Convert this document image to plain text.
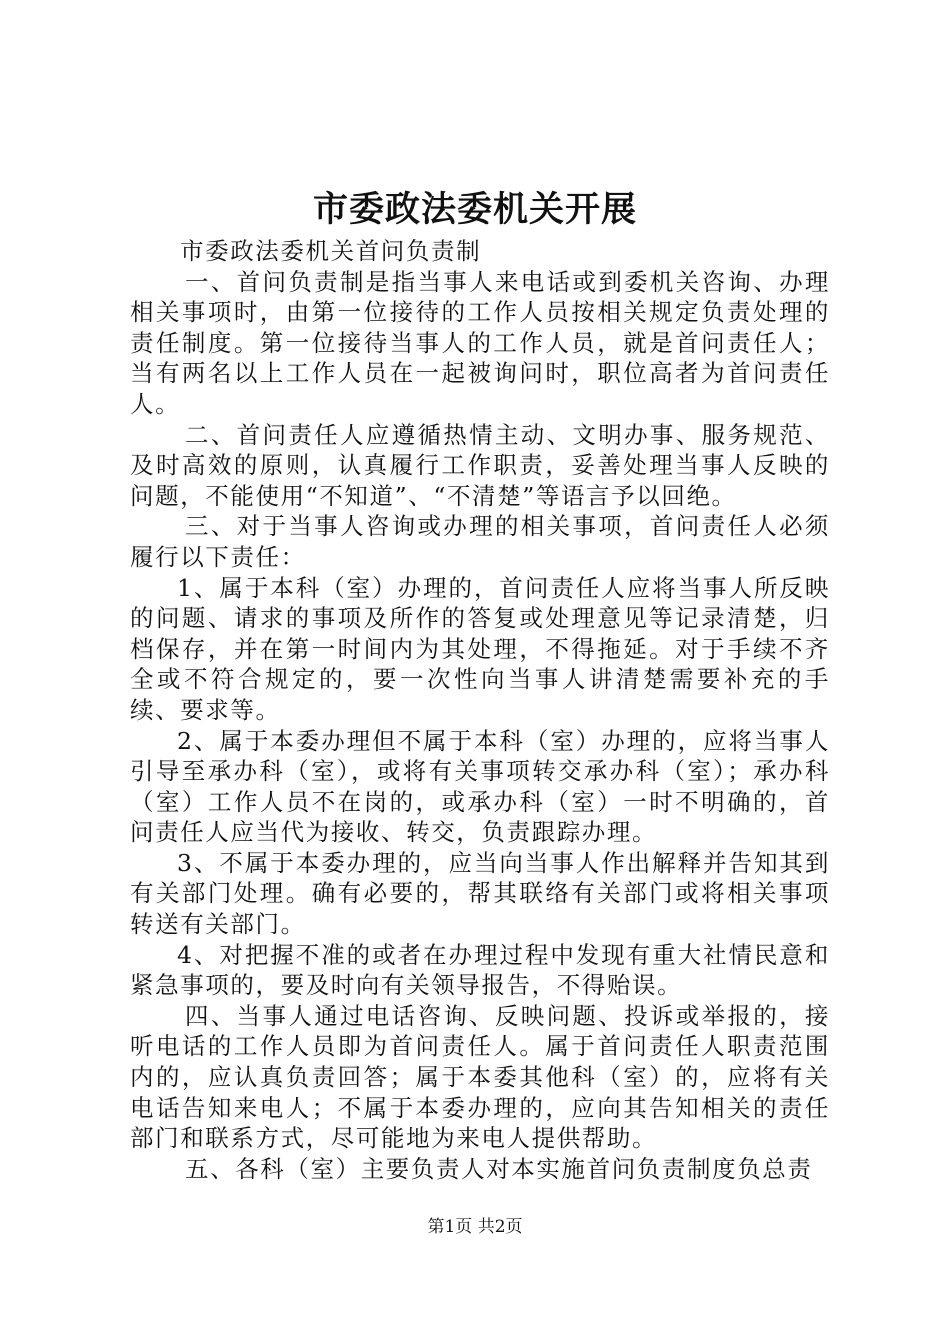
市委政法委机关开展

市委政法委机关首问负责制

一、首问负责制是指当事人来电话或到委机关咨询、办理相关事项时，由第一位接待的工作人员按相关规定负责处理的责任制度。第一位接待当事人的工作人员，就是首问责任人；当有两名以上工作人员在一起被询问时，职位高者为首问责任人。

二、首问责任人应遵循热情主动、文明办事、服务规范、及时高效的原则，认真履行工作职责，妥善处理当事人反映的问题，不能使用“不知道”、“不清楚”等语言予以回绝。

三、对于当事人咨询或办理的相关事项，首问责任人必须履行以下责任：

1、属于本科（室）办理的，首问责任人应将当事人所反映的问题、请求的事项及所作的答复或处理意见等记录清楚，归档保存，并在第一时间内为其处理，不得拖延。对于手续不齐全或不符合规定的，要一次性向当事人讲清楚需要补充的手续、要求等。

2、属于本委办理但不属于本科（室）办理的，应将当事人引导至承办科（室），或将有关事项转交承办科（室）；承办科（室）工作人员不在岗的，或承办科（室）一时不明确的，首问责任人应当代为接收、转交，负责跟踪办理。

3、不属于本委办理的，应当向当事人作出解释并告知其到有关部门处理。确有必要的，帮其联络有关部门或将相关事项转送有关部门。

4、对把握不准的或者在办理过程中发现有重大社情民意和紧急事项的，要及时向有关领导报告，不得贻误。

四、当事人通过电话咨询、反映问题、投诉或举报的，接听电话的工作人员即为首问责任人。属于首问责任人职责范围内的，应认真负责回答；属于本委其他科（室）的，应将有关电话告知来电人；不属于本委办理的，应向其告知相关的责任部门和联系方式，尽可能地为来电人提供帮助。

五、各科（室）主要负责人对本实施首问负责制度负总责

第1页 共2页
